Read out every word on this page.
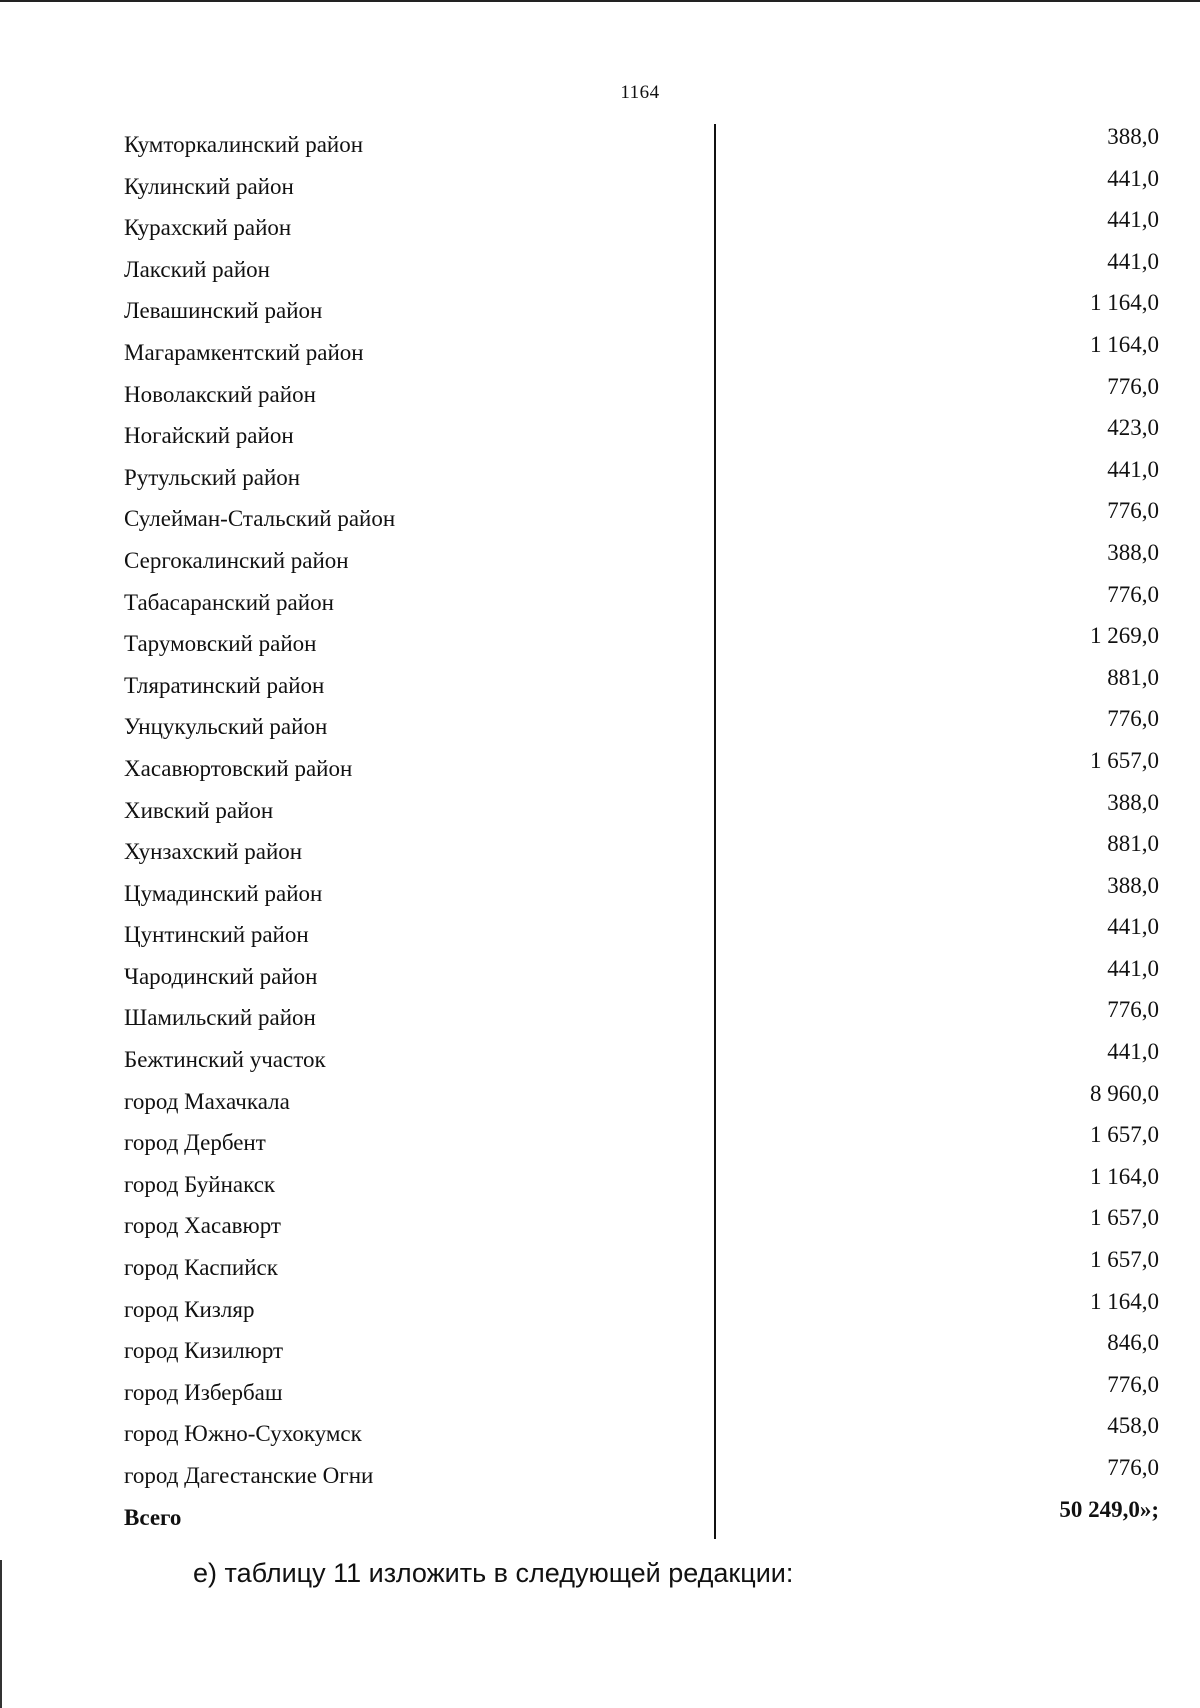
1164
Кумторкалинский район	388,0
Кулинский район	441,0
Курахский район	441,0
Лакский район	441,0
Левашинский район	1 164,0
Магарамкентский район	1 164,0
Новолакский район	776,0
Ногайский район	423,0
Рутульский район	441,0
Сулейман-Стальский район	776,0
Сергокалинский район	388,0
Табасаранский район	776,0
Тарумовский район	1 269,0
Тляратинский район	881,0
Унцукульский район	776,0
Хасавюртовский район	1 657,0
Хивский район	388,0
Хунзахский район	881,0
Цумадинский район	388,0
Цунтинский район	441,0
Чародинский район	441,0
Шамильский район	776,0
Бежтинский участок	441,0
город Махачкала	8 960,0
город Дербент	1 657,0
город Буйнакск	1 164,0
город Хасавюрт	1 657,0
город Каспийск	1 657,0
город Кизляр	1 164,0
город Кизилюрт	846,0
город Избербаш	776,0
город Южно-Сухокумск	458,0
город Дагестанские Огни	776,0
Всего	50 249,0»;
е) таблицу 11 изложить в следующей редакции:
